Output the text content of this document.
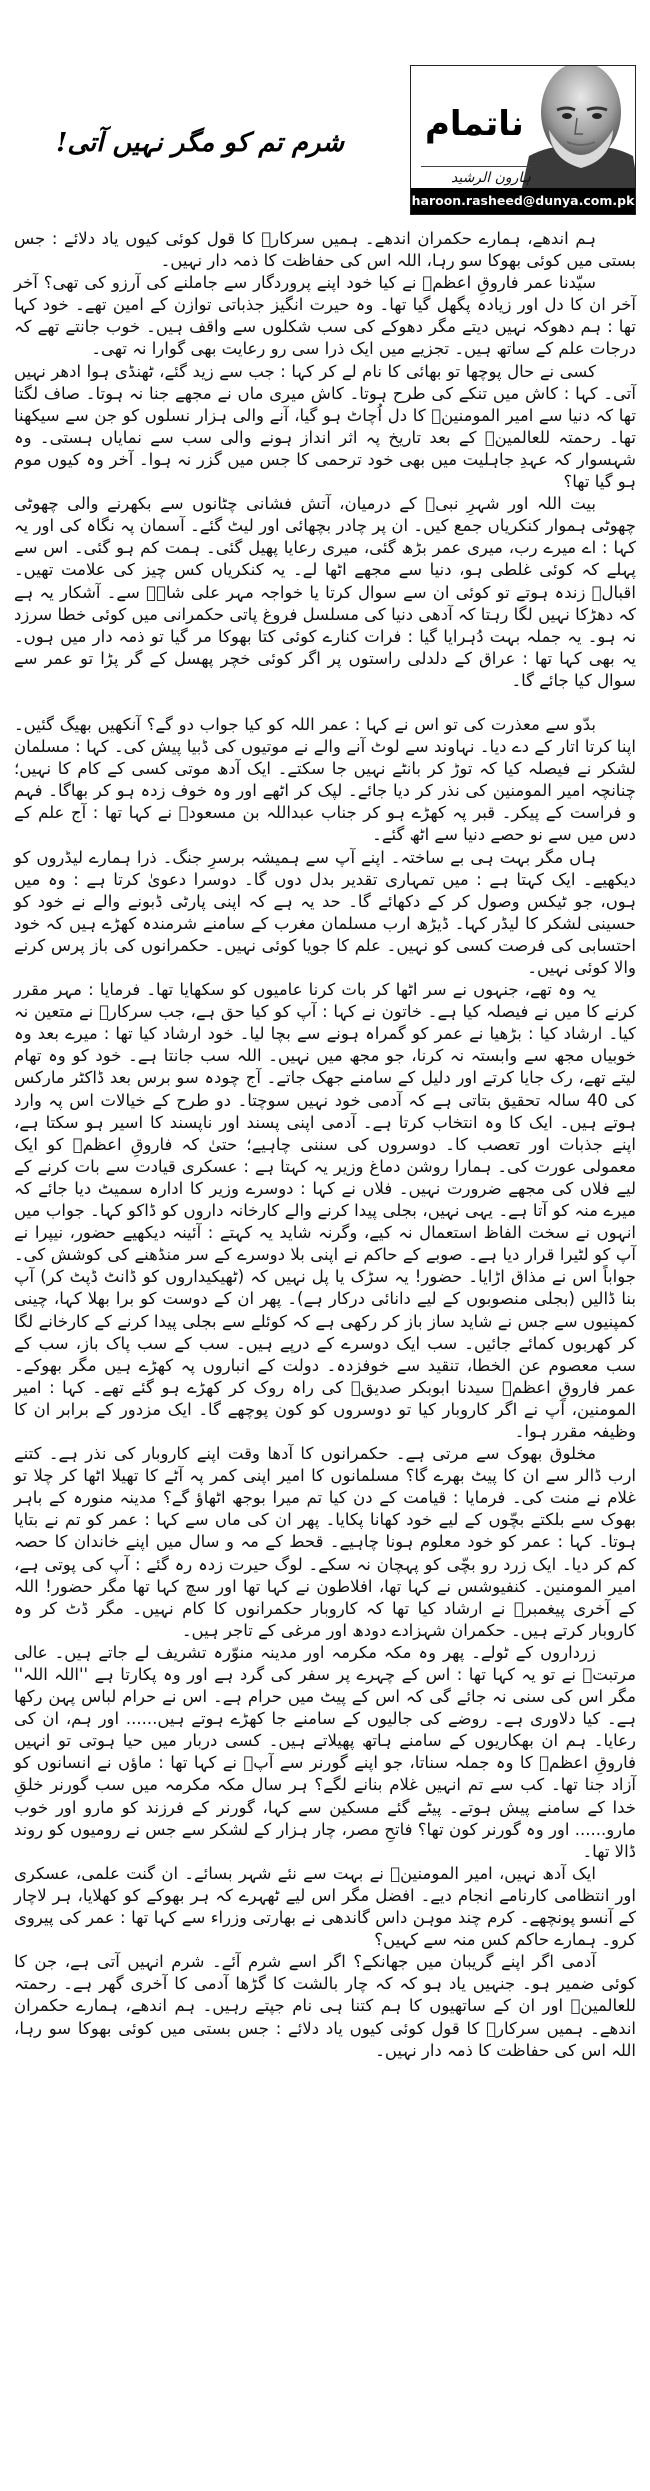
ناتمام
ہارون الرشید
haroon.rasheed@dunya.com.pk
شرم تم کو مگر نہیں آتی!

ہم اندھے، ہمارے حکمران اندھے۔ ہمیں سرکارؐ کا قول کوئی کیوں یاد دلائے : جس بستی میں کوئی بھوکا سو رہا، اللہ اس کی حفاظت کا ذمہ دار نہیں۔

سیّدنا عمر فاروقِ اعظمؓ نے کیا خود اپنے پروردگار سے جاملنے کی آرزو کی تھی؟ آخر آخر ان کا دل اور زیادہ پگھل گیا تھا۔ وہ حیرت انگیز جذباتی توازن کے امین تھے۔ خود کہا تھا : ہم دھوکہ نہیں دیتے مگر دھوکے کی سب شکلوں سے واقف ہیں۔ خوب جانتے تھے کہ درجات علم کے ساتھ ہیں۔ تجزیے میں ایک ذرا سی رو رعایت بھی گوارا نہ تھی۔

کسی نے حال پوچھا تو بھائی کا نام لے کر کہا : جب سے زید گئے، ٹھنڈی ہوا ادھر نہیں آتی۔ کہا : کاش میں تنکے کی طرح ہوتا۔ کاش میری ماں نے مجھے جنا نہ ہوتا۔ صاف لگتا تھا کہ دنیا سے امیر المومنینؓ کا دل اُچاٹ ہو گیا، آنے والی ہزار نسلوں کو جن سے سیکھنا تھا۔ رحمتہ للعالمینؐ کے بعد تاریخ پہ اثر انداز ہونے والی سب سے نمایاں ہستی۔ وہ شہسوار کہ عہدِ جاہلیت میں بھی خود ترحمی کا جس میں گزر نہ ہوا۔ آخر وہ کیوں موم ہو گیا تھا؟

بیت اللہ اور شہرِ نبیؐ کے درمیان، آتش فشانی چٹانوں سے بکھرنے والی چھوٹی چھوٹی ہموار کنکریاں جمع کیں۔ ان پر چادر بچھائی اور لیٹ گئے۔ آسمان پہ نگاہ کی اور یہ کہا : اے میرے رب، میری عمر بڑھ گئی، میری رعایا پھیل گئی۔ ہمت کم ہو گئی۔ اس سے پہلے کہ کوئی غلطی ہو، دنیا سے مجھے اٹھا لے۔ یہ کنکریاں کس چیز کی علامت تھیں۔ اقبالؔ زندہ ہوتے تو کوئی ان سے سوال کرتا یا خواجہ مہر علی شاہؒ سے۔ آشکار یہ ہے کہ دھڑکا نہیں لگا رہتا کہ آدھی دنیا کی مسلسل فروغ پاتی حکمرانی میں کوئی خطا سرزد نہ ہو۔ یہ جملہ بہت دُہرایا گیا : فرات کنارے کوئی کتا بھوکا مر گیا تو ذمہ دار میں ہوں۔ یہ بھی کہا تھا : عراق کے دلدلی راستوں پر اگر کوئی خچر پھسل کے گر پڑا تو عمر سے سوال کیا جائے گا۔

بدّو سے معذرت کی تو اس نے کہا : عمر اللہ کو کیا جواب دو گے؟ آنکھیں بھیگ گئیں۔ اپنا کرتا اتار کے دے دیا۔ نہاوند سے لوٹ آنے والے نے موتیوں کی ڈبیا پیش کی۔ کہا : مسلمان لشکر نے فیصلہ کیا کہ توڑ کر بانٹے نہیں جا سکتے۔ ایک آدھ موتی کسی کے کام کا نہیں؛ چنانچہ امیر المومنین کی نذر کر دیا جائے۔ لپک کر اٹھے اور وہ خوف زدہ ہو کر بھاگا۔ فہم و فراست کے پیکر۔ قبر پہ کھڑے ہو کر جناب عبداللہ بن مسعودؓ نے کہا تھا : آج علم کے دس میں سے نو حصے دنیا سے اٹھ گئے۔

ہاں مگر بہت ہی بے ساختہ۔ اپنے آپ سے ہمیشہ برسرِ جنگ۔ ذرا ہمارے لیڈروں کو دیکھیے۔ ایک کہتا ہے : میں تمہاری تقدیر بدل دوں گا۔ دوسرا دعویٰ کرتا ہے : وہ میں ہوں، جو ٹیکس وصول کر کے دکھائے گا۔ حد یہ ہے کہ اپنی پارٹی ڈبونے والے نے خود کو حسینی لشکر کا لیڈر کہا۔ ڈیڑھ ارب مسلمان مغرب کے سامنے شرمندہ کھڑے ہیں کہ خود احتسابی کی فرصت کسی کو نہیں۔ علم کا جویا کوئی نہیں۔ حکمرانوں کی باز پرس کرنے والا کوئی نہیں۔

یہ وہ تھے، جنہوں نے سر اٹھا کر بات کرنا عامیوں کو سکھایا تھا۔ فرمایا : مہر مقرر کرنے کا میں نے فیصلہ کیا ہے۔ خاتون نے کہا : آپ کو کیا حق ہے، جب سرکارؐ نے متعین نہ کیا۔ ارشاد کیا : بڑھیا نے عمر کو گمراہ ہونے سے بچا لیا۔ خود ارشاد کیا تھا : میرے بعد وہ خوبیاں مجھ سے وابستہ نہ کرنا، جو مجھ میں نہیں۔ اللہ سب جانتا ہے۔ خود کو وہ تھام لیتے تھے، رک جایا کرتے اور دلیل کے سامنے جھک جاتے۔ آج چودہ سو برس بعد ڈاکٹر مارکس کی 40 سالہ تحقیق بتاتی ہے کہ آدمی خود نہیں سوچتا۔ دو طرح کے خیالات اس پہ وارد ہوتے ہیں۔ ایک کا وہ انتخاب کرتا ہے۔ آدمی اپنی پسند اور ناپسند کا اسیر ہو سکتا ہے، اپنے جذبات اور تعصب کا۔ دوسروں کی سننی چاہیے؛ حتیٰ کہ فاروقِ اعظمؓ کو ایک معمولی عورت کی۔ ہمارا روشن دماغ وزیر یہ کہتا ہے : عسکری قیادت سے بات کرنے کے لیے فلاں کی مجھے ضرورت نہیں۔ فلاں نے کہا : دوسرے وزیر کا ادارہ سمیٹ دیا جائے کہ میرے منہ کو آتا ہے۔ یہی نہیں، بجلی پیدا کرنے والے کارخانہ داروں کو ڈاکو کہا۔ جواب میں انہوں نے سخت الفاظ استعمال نہ کیے، وگرنہ شاید یہ کہتے : آئینہ دیکھیے حضور، نیپرا نے آپ کو لٹیرا قرار دیا ہے۔ صوبے کے حاکم نے اپنی بلا دوسرے کے سر منڈھنے کی کوشش کی۔ جواباً اس نے مذاق اڑایا۔ حضور! یہ سڑک یا پل نہیں کہ (ٹھیکیداروں کو ڈانٹ ڈپٹ کر) آپ بنا ڈالیں (بجلی منصوبوں کے لیے دانائی درکار ہے)۔ پھر ان کے دوست کو برا بھلا کہا، چینی کمپنیوں سے جس نے شاید ساز باز کر رکھی ہے کہ کوئلے سے بجلی پیدا کرنے کے کارخانے لگا کر کھربوں کمائے جائیں۔ سب ایک دوسرے کے درپے ہیں۔ سب کے سب پاک باز، سب کے سب معصوم عن الخطا، تنقید سے خوفزدہ۔ دولت کے انباروں پہ کھڑے ہیں مگر بھوکے۔ عمر فاروقِ اعظمؓ سیدنا ابوبکر صدیقؓ کی راہ روک کر کھڑے ہو گئے تھے۔ کہا : امیر المومنین، آپ نے اگر کاروبار کیا تو دوسروں کو کون پوچھے گا۔ ایک مزدور کے برابر ان کا وظیفہ مقرر ہوا۔

مخلوق بھوک سے مرتی ہے۔ حکمرانوں کا آدھا وقت اپنے کاروبار کی نذر ہے۔ کتنے ارب ڈالر سے ان کا پیٹ بھرے گا؟ مسلمانوں کا امیر اپنی کمر پہ آٹے کا تھیلا اٹھا کر چلا تو غلام نے منت کی۔ فرمایا : قیامت کے دن کیا تم میرا بوجھ اٹھاؤ گے؟ مدینہ منورہ کے باہر بھوک سے بلکتے بچّوں کے لیے خود کھانا پکایا۔ پھر ان کی ماں سے کہا : عمر کو تم نے بتایا ہوتا۔ کہا : عمر کو خود معلوم ہونا چاہیے۔ قحط کے مہ و سال میں اپنے خاندان کا حصہ کم کر دیا۔ ایک زرد رو بچّی کو پہچان نہ سکے۔ لوگ حیرت زدہ رہ گئے : آپ کی پوتی ہے، امیر المومنین۔ کنفیوشس نے کہا تھا، افلاطون نے کہا تھا اور سچ کہا تھا مگر حضور! اللہ کے آخری پیغمبرؐ نے ارشاد کیا تھا کہ کاروبار حکمرانوں کا کام نہیں۔ مگر ڈٹ کر وہ کاروبار کرتے ہیں۔ حکمران شہزادے دودھ اور مرغی کے تاجر ہیں۔

زرداروں کے ٹولے۔ پھر وہ مکہ مکرمہ اور مدینہ منوّرہ تشریف لے جاتے ہیں۔ عالی مرتبتؐ نے تو یہ کہا تھا : اس کے چہرے پر سفر کی گرد ہے اور وہ پکارتا ہے ''اللہ اللہ'' مگر اس کی سنی نہ جائے گی کہ اس کے پیٹ میں حرام ہے۔ اس نے حرام لباس پہن رکھا ہے۔ کیا دلاوری ہے۔ روضے کی جالیوں کے سامنے جا کھڑے ہوتے ہیں...... اور ہم، ان کی رعایا۔ ہم ان بھکاریوں کے سامنے ہاتھ پھیلاتے ہیں۔ کسی دربار میں حیا ہوتی تو انہیں فاروقِ اعظمؓ کا وہ جملہ سناتا، جو اپنے گورنر سے آپؓ نے کہا تھا : ماؤں نے انسانوں کو آزاد جنا تھا۔ کب سے تم انہیں غلام بنانے لگے؟ ہر سال مکہ مکرمہ میں سب گورنر خلقِ خدا کے سامنے پیش ہوتے۔ پیٹے گئے مسکین سے کہا، گورنر کے فرزند کو مارو اور خوب مارو...... اور وہ گورنر کون تھا؟ فاتحِ مصر، چار ہزار کے لشکر سے جس نے رومیوں کو روند ڈالا تھا۔

ایک آدھ نہیں، امیر المومنینؓ نے بہت سے نئے شہر بسائے۔ ان گنت علمی، عسکری اور انتظامی کارنامے انجام دیے۔ افضل مگر اس لیے ٹھہرے کہ ہر بھوکے کو کھلایا، ہر لاچار کے آنسو پونچھے۔ کرم چند موہن داس گاندھی نے بھارتی وزراء سے کہا تھا : عمر کی پیروی کرو۔ ہمارے حاکم کس منہ سے کہیں؟

آدمی اگر اپنے گریبان میں جھانکے؟ اگر اسے شرم آئے۔ شرم انہیں آتی ہے، جن کا کوئی ضمیر ہو۔ جنہیں یاد ہو کہ کہ چار بالشت کا گڑھا آدمی کا آخری گھر ہے۔ رحمتہ للعالمینؐ اور ان کے ساتھیوں کا ہم کتنا ہی نام جپتے رہیں۔ ہم اندھے، ہمارے حکمران اندھے۔ ہمیں سرکارؐ کا قول کوئی کیوں یاد دلائے : جس بستی میں کوئی بھوکا سو رہا، اللہ اس کی حفاظت کا ذمہ دار نہیں۔
